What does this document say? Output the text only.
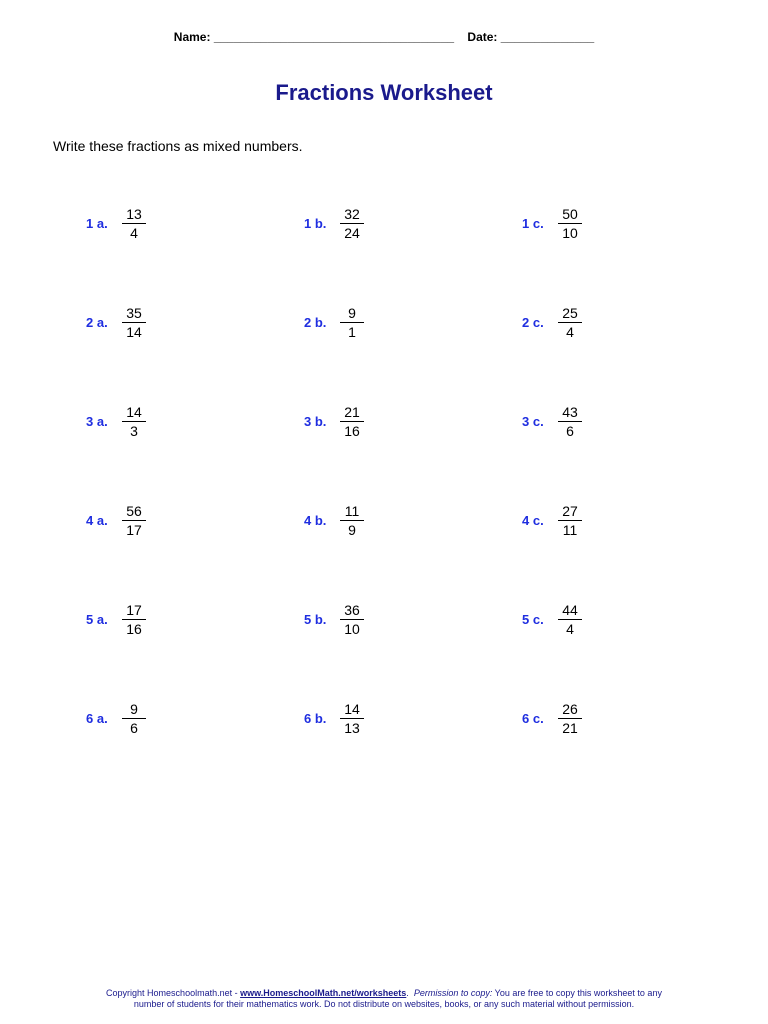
Name: ____________________________________ Date: ______________
Fractions Worksheet
Write these fractions as mixed numbers.
1 a.	$\frac{13}{4}$	1 b. $\frac{32}{24}$	1 c.	$\frac{50}{10}$
2 a.	$\frac{35}{14}$	2 b. $\frac{9}{1}$	2 c.	$\frac{25}{4}$
3 a.	$\frac{14}{3}$	3 b. $\frac{21}{16}$	3 c.	$\frac{43}{6}$
4 a.	$\frac{56}{17}$	4 b. $\frac{11}{9}$	4 c.	$\frac{27}{11}$
5 a.	$\frac{17}{16}$	5 b. $\frac{36}{10}$	5 c.	$\frac{44}{4}$
6 a.	$\frac{9}{6}$	6 b. $\frac{14}{13}$	6 c.	$\frac{26}{21}$
Copyright Homeschoolmath.net - www.HomeschoolMath.net/worksheets.  Permission to copy: You are free to copy this worksheet to any
number of students for their mathematics work. Do not distribute on websites, books, or any such material without permission.
